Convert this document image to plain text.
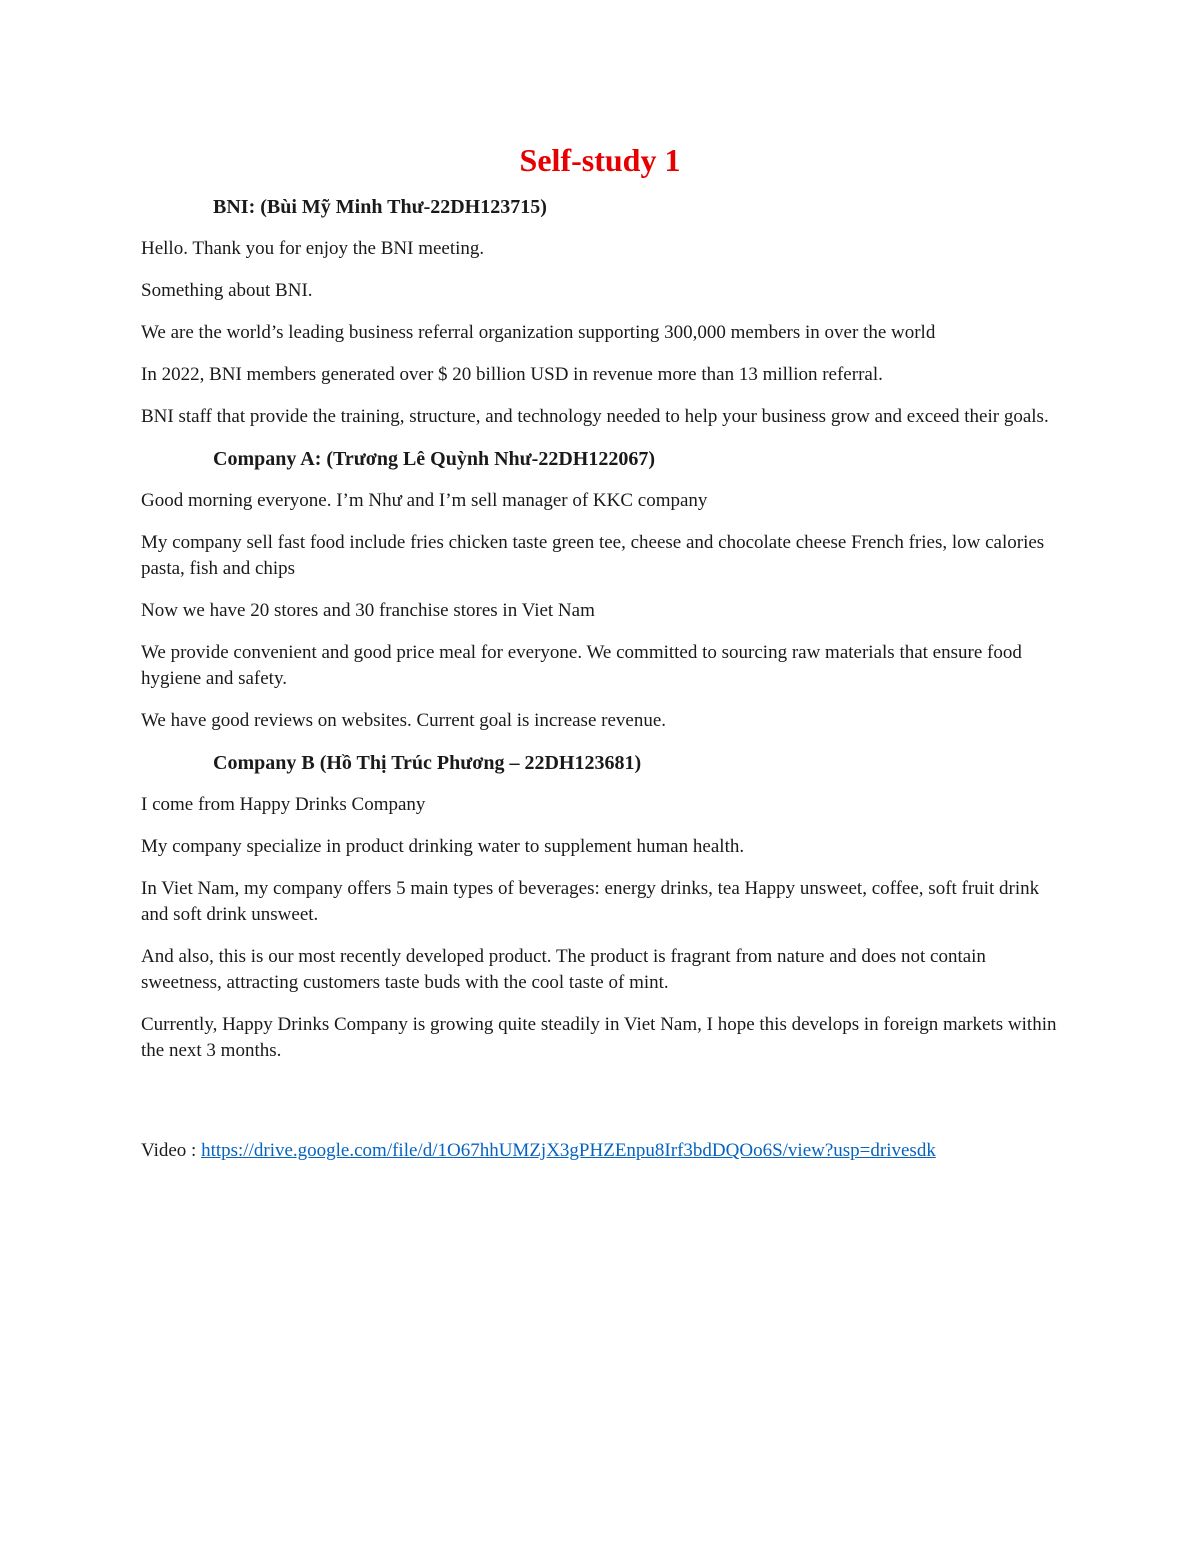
Self-study 1
BNI: (Bùi Mỹ Minh Thư-22DH123715)

Hello. Thank you for enjoy the BNI meeting.

Something about BNI.

We are the world’s leading business referral organization supporting 300,000 members in over the world

In 2022, BNI members generated over $ 20 billion USD in revenue more than 13 million referral.

BNI staff that provide the training, structure, and technology needed to help your business grow and exceed their goals.

Company A: (Trương Lê Quỳnh Như-22DH122067)

Good morning everyone. I’m Như and I’m sell manager of KKC company

My company sell fast food include fries chicken taste green tee, cheese and chocolate cheese French fries, low calories pasta, fish and chips

Now we have 20 stores and 30 franchise stores in Viet Nam

We provide convenient and good price meal for everyone. We committed to sourcing raw materials that ensure food hygiene and safety.

We have good reviews on websites. Current goal is increase revenue.

Company B (Hồ Thị Trúc Phương – 22DH123681)

I come from Happy Drinks Company

My company specialize in product drinking water to supplement human health.

In Viet Nam, my company offers 5 main types of beverages: energy drinks, tea Happy unsweet, coffee, soft fruit drink and soft drink unsweet.

And also, this is our most recently developed product. The product is fragrant from nature and does not contain sweetness, attracting customers taste buds with the cool taste of mint.

Currently, Happy Drinks Company is growing quite steadily in Viet Nam, I hope this develops in foreign markets within the next 3 months.

Video : https://drive.google.com/file/d/1O67hhUMZjX3gPHZEnpu8Irf3bdDQOo6S/view?usp=drivesdk
